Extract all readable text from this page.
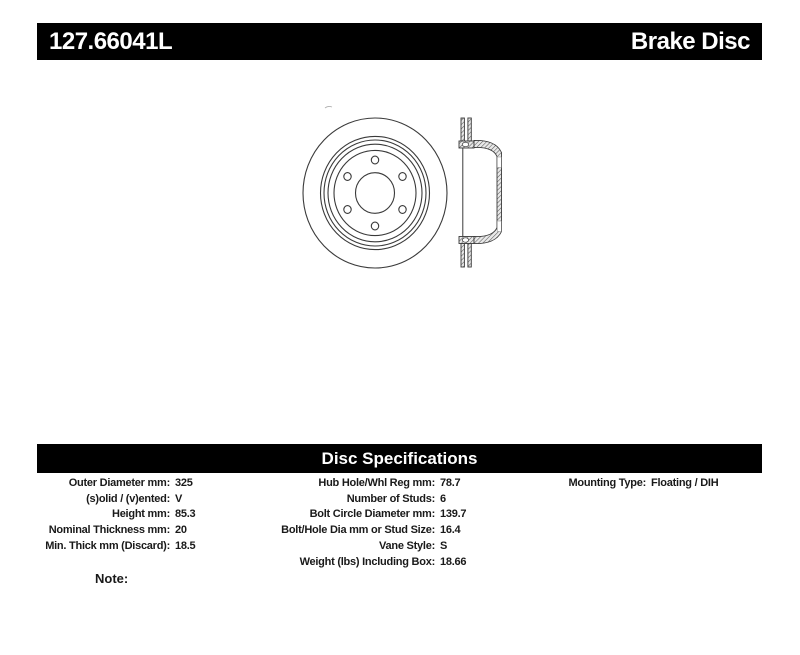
127.66041L	Brake Disc
Disc Specifications
Outer Diameter mm: 325
(s)olid / (v)ented: V
Height mm: 85.3
Nominal Thickness mm: 20
Min. Thick mm (Discard): 18.5
Hub Hole/Whl Reg mm: 78.7
Number of Studs: 6
Bolt Circle Diameter mm: 139.7
Bolt/Hole Dia mm or Stud Size: 16.4
Vane Style: S
Weight (lbs) Including Box: 18.66
Mounting Type: Floating / DIH
Note:
